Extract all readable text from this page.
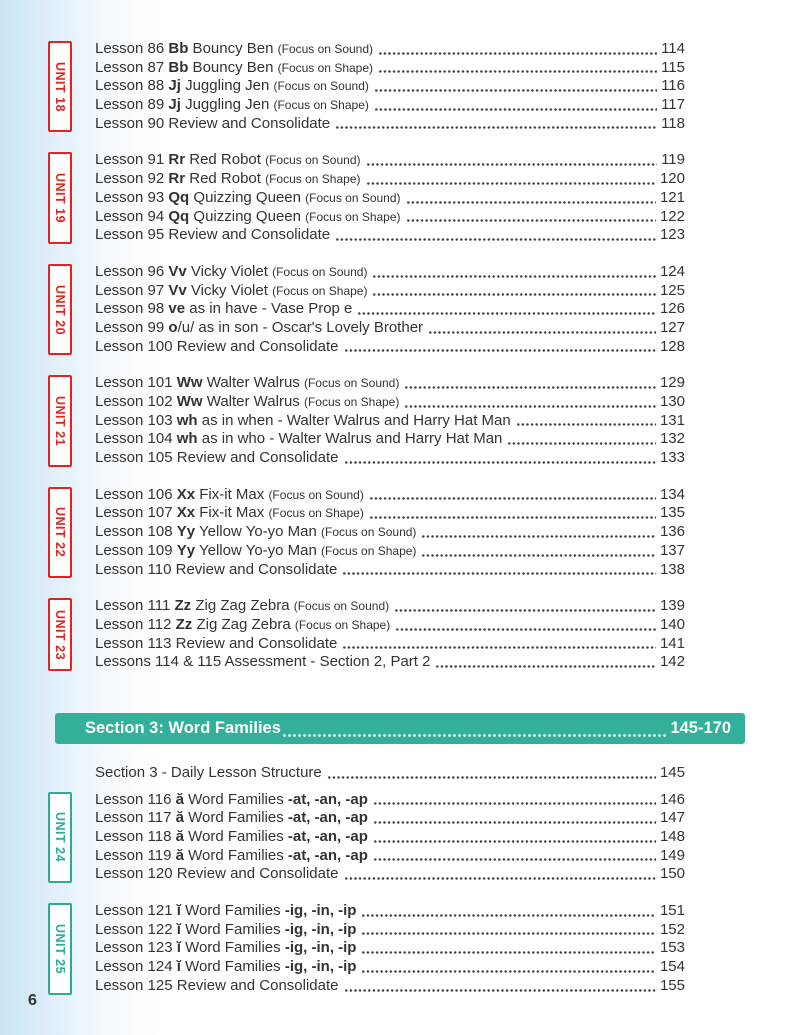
UNIT 18
Lesson 86 Bb Bouncy Ben (Focus on Sound)	114
Lesson 87 Bb Bouncy Ben (Focus on Shape)	115
Lesson 88 Jj Juggling Jen (Focus on Sound)	116
Lesson 89 Jj Juggling Jen (Focus on Shape)	117
Lesson 90 Review and Consolidate	118
UNIT 19
Lesson 91 Rr Red Robot (Focus on Sound)	119
Lesson 92 Rr Red Robot (Focus on Shape)	120
Lesson 93 Qq Quizzing Queen (Focus on Sound)	121
Lesson 94 Qq Quizzing Queen (Focus on Shape)	122
Lesson 95 Review and Consolidate	123
UNIT 20
Lesson 96 Vv Vicky Violet (Focus on Sound)	124
Lesson 97 Vv Vicky Violet (Focus on Shape)	125
Lesson 98 ve as in have - Vase Prop e	126
Lesson 99 o/u/ as in son - Oscar's Lovely Brother	127
Lesson 100 Review and Consolidate	128
UNIT 21
Lesson 101 Ww Walter Walrus (Focus on Sound)	129
Lesson 102 Ww Walter Walrus (Focus on Shape)	130
Lesson 103 wh as in when - Walter Walrus and Harry Hat Man	131
Lesson 104 wh as in who - Walter Walrus and Harry Hat Man	132
Lesson 105 Review and Consolidate	133
UNIT 22
Lesson 106 Xx Fix-it Max (Focus on Sound)	134
Lesson 107 Xx Fix-it Max (Focus on Shape)	135
Lesson 108 Yy Yellow Yo-yo Man (Focus on Sound)	136
Lesson 109 Yy Yellow Yo-yo Man (Focus on Shape)	137
Lesson 110 Review and Consolidate	138
UNIT 23
Lesson 111 Zz Zig Zag Zebra (Focus on Sound)	139
Lesson 112 Zz Zig Zag Zebra (Focus on Shape)	140
Lesson 113 Review and Consolidate	141
Lessons 114 & 115 Assessment - Section 2, Part 2	142
Section 3: Word Families	145-170
Section 3 - Daily Lesson Structure	145
UNIT 24
Lesson 116 ă Word Families -at, -an, -ap	146
Lesson 117 ă Word Families -at, -an, -ap	147
Lesson 118 ă Word Families -at, -an, -ap	148
Lesson 119 ă Word Families -at, -an, -ap	149
Lesson 120 Review and Consolidate	150
UNIT 25
Lesson 121 ĭ Word Families -ig, -in, -ip	151
Lesson 122 ĭ Word Families -ig, -in, -ip	152
Lesson 123 ĭ Word Families -ig, -in, -ip	153
Lesson 124 ĭ Word Families -ig, -in, -ip	154
Lesson 125 Review and Consolidate	155
6
